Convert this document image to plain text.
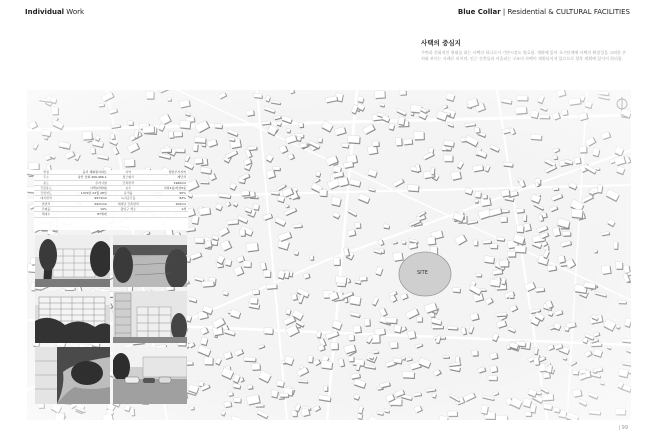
Individual Work	Blue Collar | Residential & CULTURAL FACILITIES
사택의 중심지
주변과 친화적인 형태를 띠는 사택의 하나로서 기반시설도 양호함. 계획에 있어 초기단계에 사택의 확장성을 고려한 존치와 보이는 사례로 보이며, 인근 건축물과 어울리는 구조의 사택이 계획되어져 있으므로 향후 계획에 있어서 편리함.
명칭	동서 세화원아파트	지역	일반주거지역
주소	낭산 신화 496-966-1	접근형식	계단식
용도	주거시설	건축면적	1960m2
건물용도	사택(다세대)	층수	지하1층/지상5층
건립연도	1979년 02월 28일	용적률	95%
대지면적	9974m2	녹지공간율	84%
연면적	5921m2	세대당 건축면적	100m2
건폐율	19%	출입구 개소	1개
세대수	87세대		
SITE
| 99
